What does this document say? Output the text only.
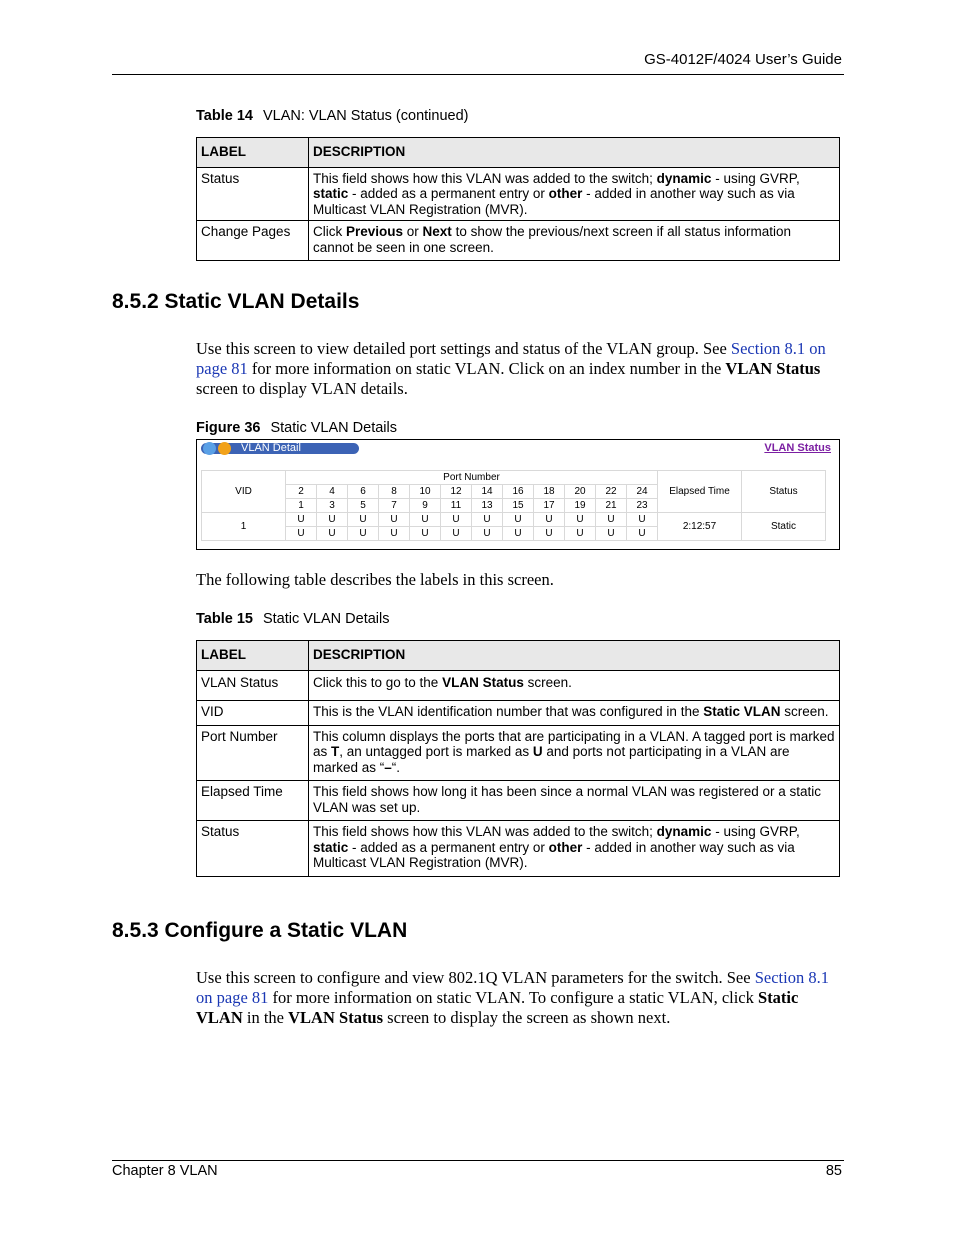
GS-4012F/4024 User’s Guide
Table 14 VLAN: VLAN Status (continued)
LABEL	DESCRIPTION
Status	This field shows how this VLAN was added to the switch; dynamic - using GVRP, static - added as a permanent entry or other - added in another way such as via Multicast VLAN Registration (MVR).
Change Pages	Click Previous or Next to show the previous/next screen if all status information cannot be seen in one screen.
8.5.2 Static VLAN Details
Use this screen to view detailed port settings and status of the VLAN group. See Section 8.1 on page 81 for more information on static VLAN. Click on an index number in the VLAN Status screen to display VLAN details.
Figure 36 Static VLAN Details
VLAN Detail	VLAN Status
VID	Port Number												Elapsed Time	Status
	2	4	6	8	10	12	14	16	18	20	22	24		
	1	3	5	7	9	11	13	15	17	19	21	23		
1	U	U	U	U	U	U	U	U	U	U	U	U	2:12:57	Static
	U	U	U	U	U	U	U	U	U	U	U	U		
The following table describes the labels in this screen.
Table 15 Static VLAN Details
LABEL	DESCRIPTION
VLAN Status	Click this to go to the VLAN Status screen.
VID	This is the VLAN identification number that was configured in the Static VLAN screen.
Port Number	This column displays the ports that are participating in a VLAN. A tagged port is marked as T, an untagged port is marked as U and ports not participating in a VLAN are marked as “–“.
Elapsed Time	This field shows how long it has been since a normal VLAN was registered or a static VLAN was set up.
Status	This field shows how this VLAN was added to the switch; dynamic - using GVRP, static - added as a permanent entry or other - added in another way such as via Multicast VLAN Registration (MVR).
8.5.3 Configure a Static VLAN
Use this screen to configure and view 802.1Q VLAN parameters for the switch. See Section 8.1 on page 81 for more information on static VLAN. To configure a static VLAN, click Static VLAN in the VLAN Status screen to display the screen as shown next.
Chapter 8 VLAN	85
